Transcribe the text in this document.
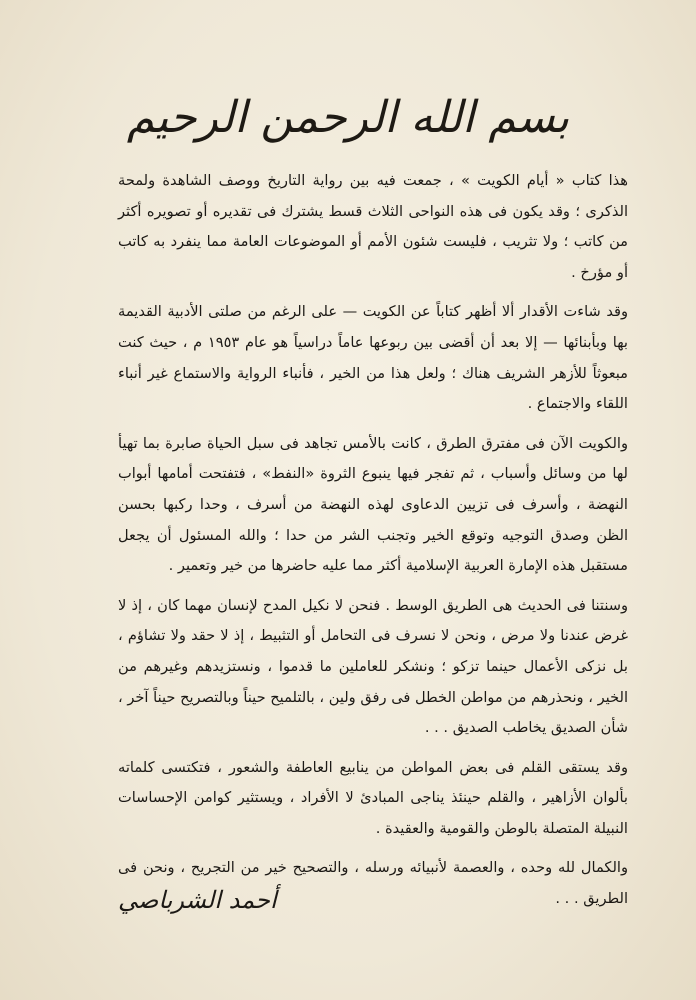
بسم الله الرحمن الرحيم

هذا كتاب « أيام الكويت » ، جمعت فيه بين رواية التاريخ ووصف الشاهدة ولمحة الذكرى ؛ وقد يكون فى هذه النواحى الثلاث قسط يشترك فى تقديره أو تصويره أكثر من كاتب ؛ ولا تثريب ، فليست شئون الأمم أو الموضوعات العامة مما ينفرد به كاتب أو مؤرخ .

وقد شاءت الأقدار ألا أظهر كتاباً عن الكويت — على الرغم من صلتى الأدبية القديمة بها وبأبنائها — إلا بعد أن أقضى بين ربوعها عاماً دراسياً هو عام ١٩٥٣ م ، حيث كنت مبعوثاً للأزهر الشريف هناك ؛ ولعل هذا من الخير ، فأنباء الرواية والاستماع غير أنباء اللقاء والاجتماع .

والكويت الآن فى مفترق الطرق ، كانت بالأمس تجاهد فى سبل الحياة صابرة بما تهيأ لها من وسائل وأسباب ، ثم تفجر فيها ينبوع الثروة «النفط» ، فتفتحت أمامها أبواب النهضة ، وأسرف فى تزيين الدعاوى لهذه النهضة من أسرف ، وحدا ركبها بحسن الظن وصدق التوجيه وتوقع الخير وتجنب الشر من حدا ؛ والله المسئول أن يجعل مستقبل هذه الإمارة العربية الإسلامية أكثر مما عليه حاضرها من خير وتعمير .

وسنتنا فى الحديث هى الطريق الوسط . فنحن لا نكيل المدح لإنسان مهما كان ، إذ لا غرض عندنا ولا مرض ، ونحن لا نسرف فى التحامل أو التثبيط ، إذ لا حقد ولا تشاؤم ، بل نزكى الأعمال حينما تزكو ؛ ونشكر للعاملين ما قدموا ، ونستزيدهم وغيرهم من الخير ، ونحذرهم من مواطن الخطل فى رفق ولين ، بالتلميح حيناً وبالتصريح حيناً آخر ، شأن الصديق يخاطب الصديق . . .

وقد يستقى القلم فى بعض المواطن من ينابيع العاطفة والشعور ، فتكتسى كلماته بألوان الأزاهير ، والقلم حينئذ يناجى المبادئ لا الأفراد ، ويستثير كوامن الإحساسات النبيلة المتصلة بالوطن والقومية والعقيدة .

والكمال لله وحده ، والعصمة لأنبيائه ورسله ، والتصحيح خير من التجريح ، ونحن فى الطريق . . .

أحمد الشرباصي
